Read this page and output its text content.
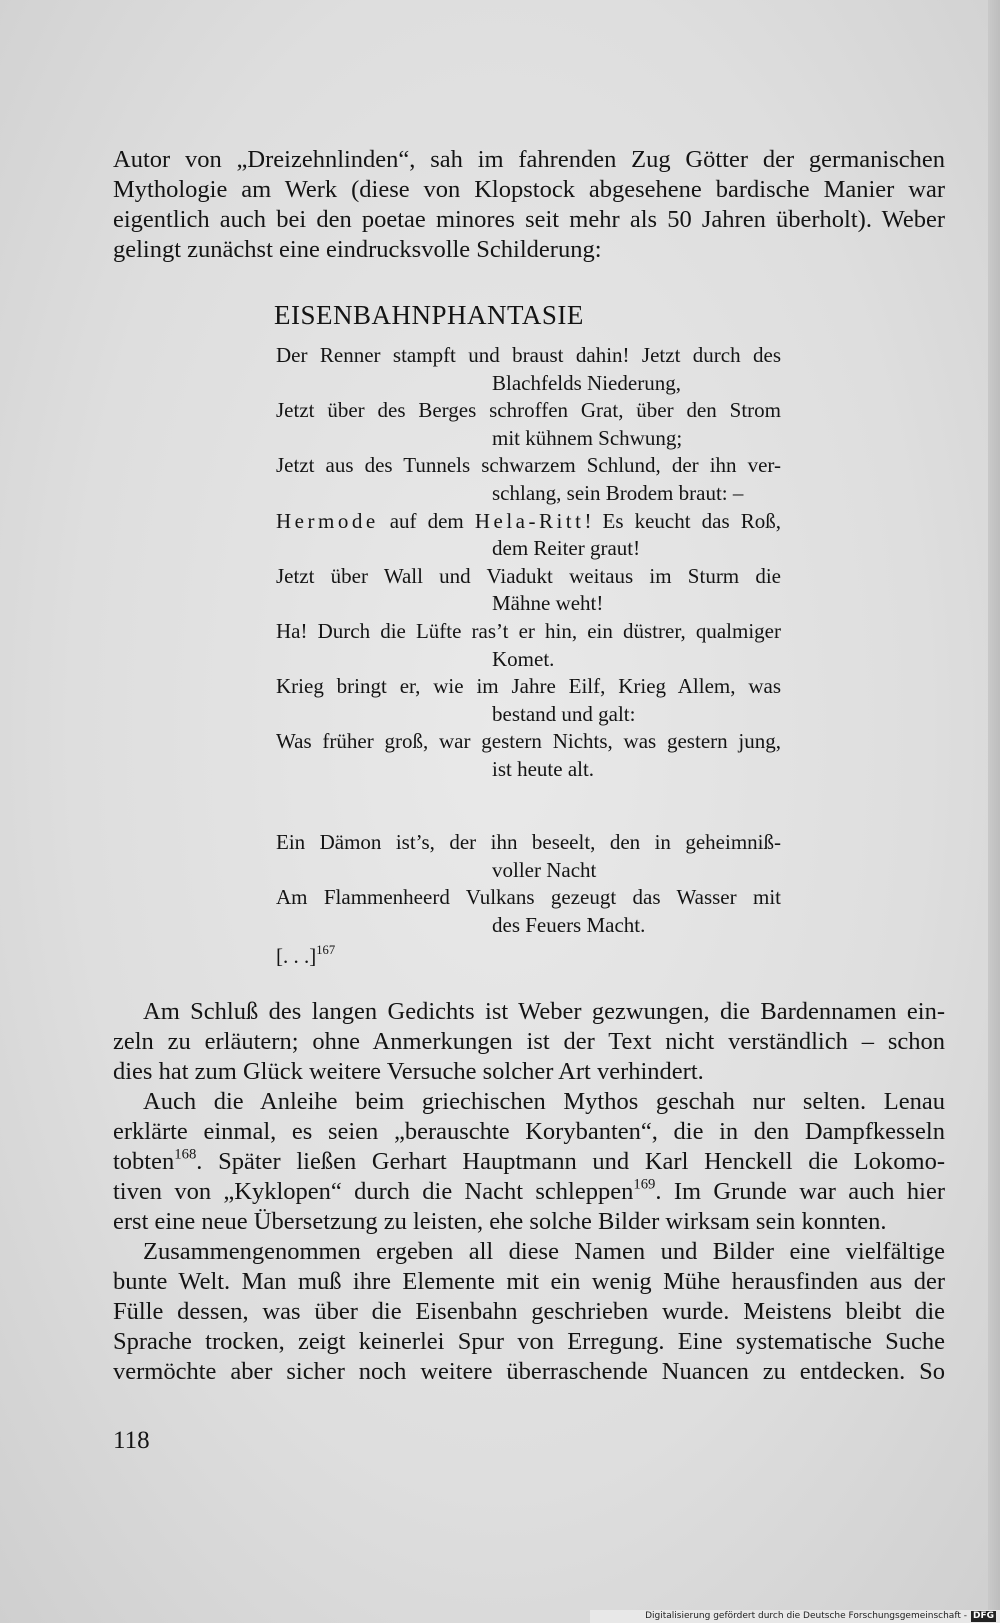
Autor von „Dreizehnlinden“, sah im fahrenden Zug Götter der germanischen
Mythologie am Werk (diese von Klopstock abgesehene bardische Manier war
eigentlich auch bei den poetae minores seit mehr als 50 Jahren überholt). Weber
gelingt zunächst eine eindrucksvolle Schilderung:
EISENBAHNPHANTASIE
Der Renner stampft und braust dahin! Jetzt durch des
Blachfelds Niederung,
Jetzt über des Berges schroffen Grat, über den Strom
mit kühnem Schwung;
Jetzt aus des Tunnels schwarzem Schlund, der ihn ver-
schlang, sein Brodem braut: –
Hermode auf dem Hela-Ritt! Es keucht das Roß,
dem Reiter graut!
Jetzt über Wall und Viadukt weitaus im Sturm die
Mähne weht!
Ha! Durch die Lüfte ras’t er hin, ein düstrer, qualmiger
Komet.
Krieg bringt er, wie im Jahre Eilf, Krieg Allem, was
bestand und galt:
Was früher groß, war gestern Nichts, was gestern jung,
ist heute alt.
Ein Dämon ist’s, der ihn beseelt, den in geheimniß-
voller Nacht
Am Flammenheerd Vulkans gezeugt das Wasser mit
des Feuers Macht.
[. . .]$^{167}$
Am Schluß des langen Gedichts ist Weber gezwungen, die Bardennamen ein-
zeln zu erläutern; ohne Anmerkungen ist der Text nicht verständlich – schon
dies hat zum Glück weitere Versuche solcher Art verhindert.
Auch die Anleihe beim griechischen Mythos geschah nur selten. Lenau
erklärte einmal, es seien „berauschte Korybanten“, die in den Dampfkesseln
tobten$^{168}$. Später ließen Gerhart Hauptmann und Karl Henckell die Lokomo-
tiven von „Kyklopen“ durch die Nacht schleppen$^{169}$. Im Grunde war auch hier
erst eine neue Übersetzung zu leisten, ehe solche Bilder wirksam sein konnten.
Zusammengenommen ergeben all diese Namen und Bilder eine vielfältige
bunte Welt. Man muß ihre Elemente mit ein wenig Mühe herausfinden aus der
Fülle dessen, was über die Eisenbahn geschrieben wurde. Meistens bleibt die
Sprache trocken, zeigt keinerlei Spur von Erregung. Eine systematische Suche
vermöchte aber sicher noch weitere überraschende Nuancen zu entdecken. So
118
Digitalisierung gefördert durch die Deutsche Forschungsgemeinschaft - DFG
